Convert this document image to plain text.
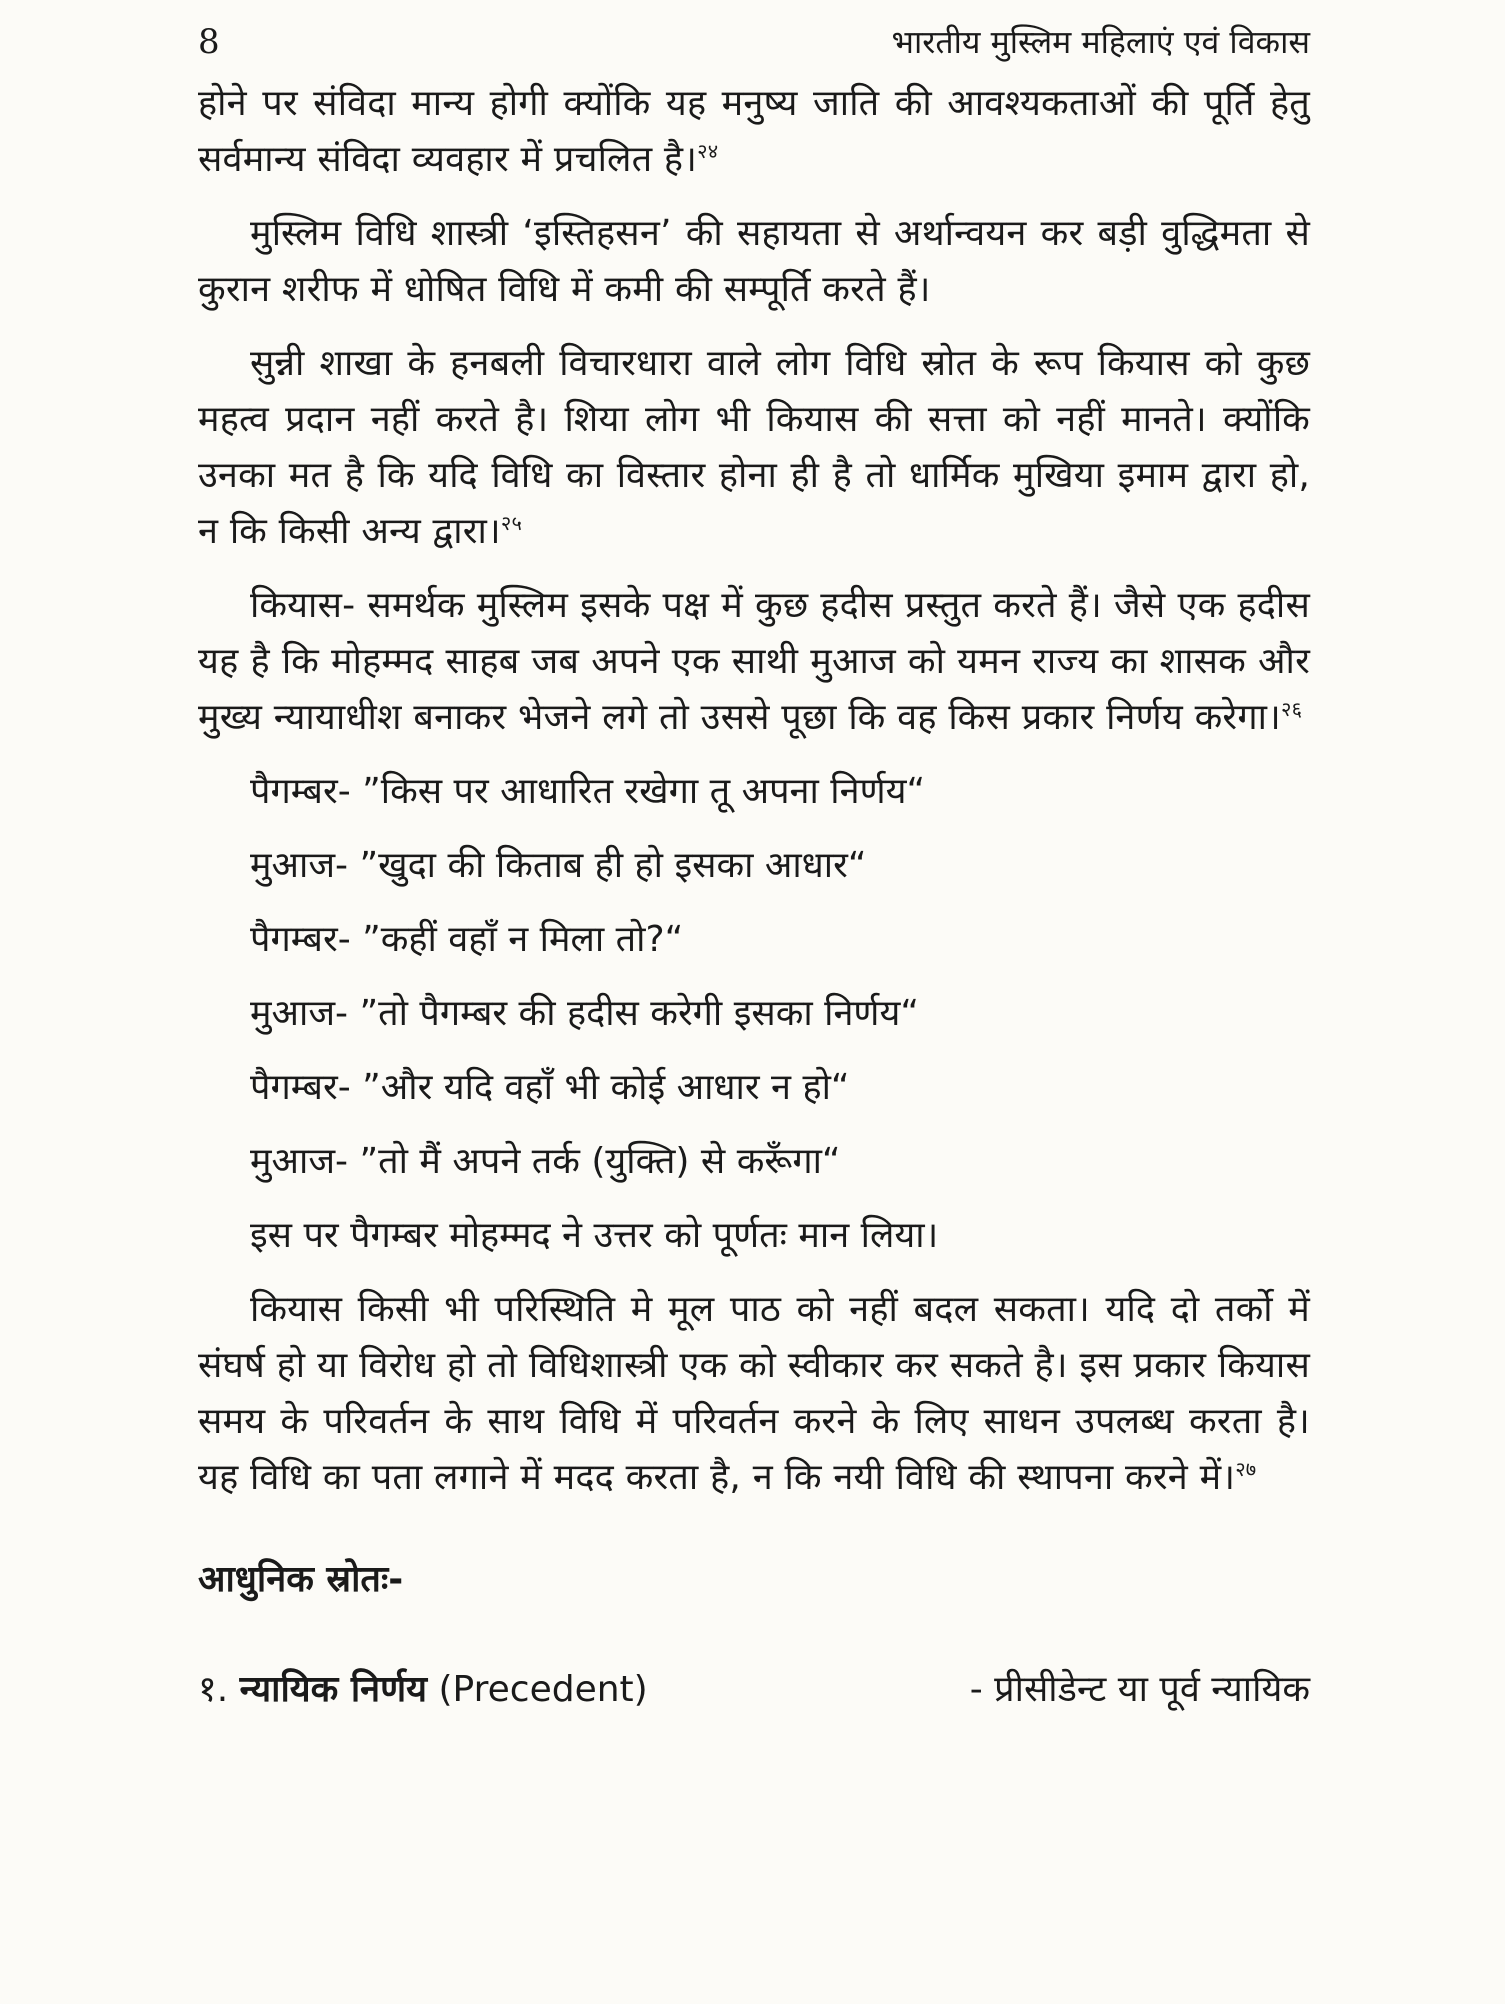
8	भारतीय मुस्लिम महिलाएं एवं विकास

होने पर संविदा मान्य होगी क्योंकि यह मनुष्य जाति की आवश्यकताओं की पूर्ति हेतु सर्वमान्य संविदा व्यवहार में प्रचलित है।$^{२४}$

मुस्लिम विधि शास्त्री ‘इस्तिहसन’ की सहायता से अर्थान्वयन कर बड़ी वुद्धिमता से कुरान शरीफ में धोषित विधि में कमी की सम्पूर्ति करते हैं।

सुन्नी शाखा के हनबली विचारधारा वाले लोग विधि स्रोत के रूप कियास को कुछ महत्व प्रदान नहीं करते है। शिया लोग भी कियास की सत्ता को नहीं मानते। क्योंकि उनका मत है कि यदि विधि का विस्तार होना ही है तो धार्मिक मुखिया इमाम द्वारा हो, न कि किसी अन्य द्वारा।$^{२५}$

कियास- समर्थक मुस्लिम इसके पक्ष में कुछ हदीस प्रस्तुत करते हैं। जैसे एक हदीस यह है कि मोहम्मद साहब जब अपने एक साथी मुआज को यमन राज्य का शासक और मुख्य न्यायाधीश बनाकर भेजने लगे तो उससे पूछा कि वह किस प्रकार निर्णय करेगा।$^{२६}$

पैगम्बर- ”किस पर आधारित रखेगा तू अपना निर्णय“

मुआज- ”खुदा की किताब ही हो इसका आधार“

पैगम्बर- ”कहीं वहाँ न मिला तो?“

मुआज- ”तो पैगम्बर की हदीस करेगी इसका निर्णय“

पैगम्बर- ”और यदि वहाँ भी कोई आधार न हो“

मुआज- ”तो मैं अपने तर्क (युक्ति) से करूँगा“

इस पर पैगम्बर मोहम्मद ने उत्तर को पूर्णतः मान लिया।

कियास किसी भी परिस्थिति मे मूल पाठ को नहीं बदल सकता। यदि दो तर्को में संघर्ष हो या विरोध हो तो विधिशास्त्री एक को स्वीकार कर सकते है। इस प्रकार कियास समय के परिवर्तन के साथ विधि में परिवर्तन करने के लिए साधन उपलब्ध करता है। यह विधि का पता लगाने में मदद करता है, न कि नयी विधि की स्थापना करने में।$^{२७}$

आधुनिक स्रोतः-

१. न्यायिक निर्णय (Precedent)	- प्रीसीडेन्ट या पूर्व न्यायिक
